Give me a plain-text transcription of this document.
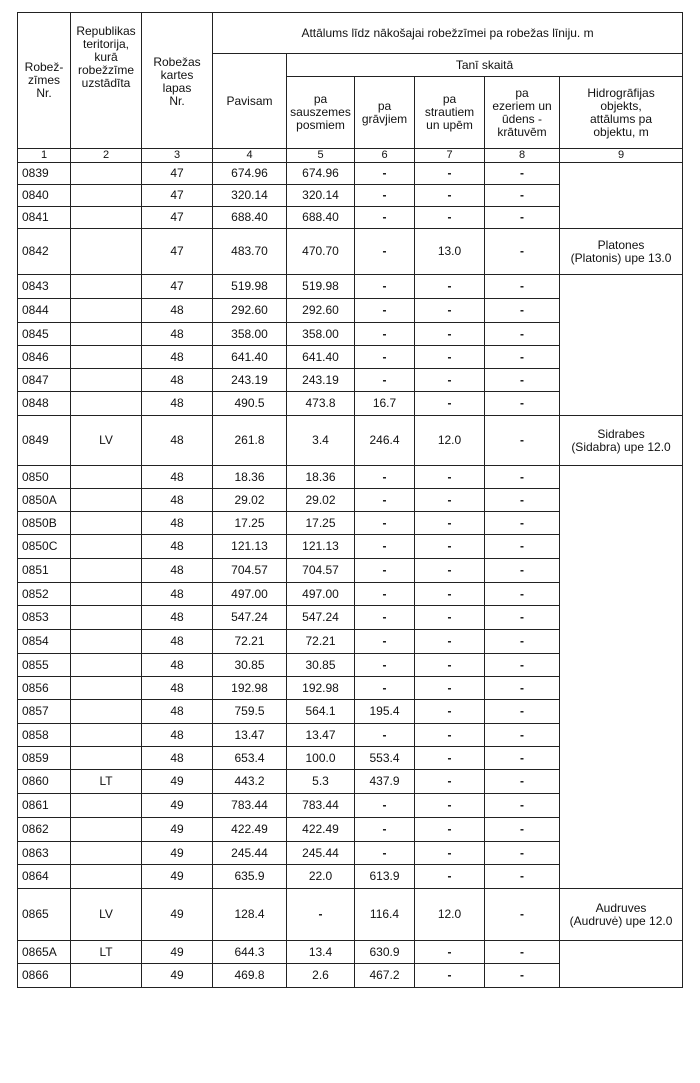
Robež-
zīmes
Nr.	Republikas
teritorija,
kurā
robežzīme
uzstādīta	Robežas
kartes
lapas
Nr.	Attālums līdz nākošajai robežzīmei pa robežas līniju. m					
			Pavisam	Tanī skaitā				
				pa
sauszemes
posmiem	pa
grāvjiem	pa strautiem
un upēm	pa
ezeriem un
ūdens -
krātuvēm	Hidrogrāfijas
objekts,
attālums pa
objektu, m
1	2	3	4	5	6	7	8	9
0839		47	674.96	674.96	-	-	-	
0840		47	320.14	320.14	-	-	-	
0841		47	688.40	688.40	-	-	-	
0842		47	483.70	470.70	-	13.0	-	Platones
(Platonis) upe 13.0
0843		47	519.98	519.98	-	-	-	
0844		48	292.60	292.60	-	-	-	
0845		48	358.00	358.00	-	-	-	
0846		48	641.40	641.40	-	-	-	
0847		48	243.19	243.19	-	-	-	
0848		48	490.5	473.8	16.7	-	-	
0849	LV	48	261.8	3.4	246.4	12.0	-	Sidrabes
(Sidabra) upe 12.0
0850		48	18.36	18.36	-	-	-	
0850A		48	29.02	29.02	-	-	-	
0850B		48	17.25	17.25	-	-	-	
0850C		48	121.13	121.13	-	-	-	
0851		48	704.57	704.57	-	-	-	
0852		48	497.00	497.00	-	-	-	
0853		48	547.24	547.24	-	-	-	
0854		48	72.21	72.21	-	-	-	
0855		48	30.85	30.85	-	-	-	
0856		48	192.98	192.98	-	-	-	
0857		48	759.5	564.1	195.4	-	-	
0858		48	13.47	13.47	-	-	-	
0859		48	653.4	100.0	553.4	-	-	
0860	LT	49	443.2	5.3	437.9	-	-	
0861		49	783.44	783.44	-	-	-	
0862		49	422.49	422.49	-	-	-	
0863		49	245.44	245.44	-	-	-	
0864		49	635.9	22.0	613.9	-	-	
0865	LV	49	128.4	-	116.4	12.0	-	Audruves
(Audruvė) upe 12.0
0865A	LT	49	644.3	13.4	630.9	-	-	
0866		49	469.8	2.6	467.2	-	-	
